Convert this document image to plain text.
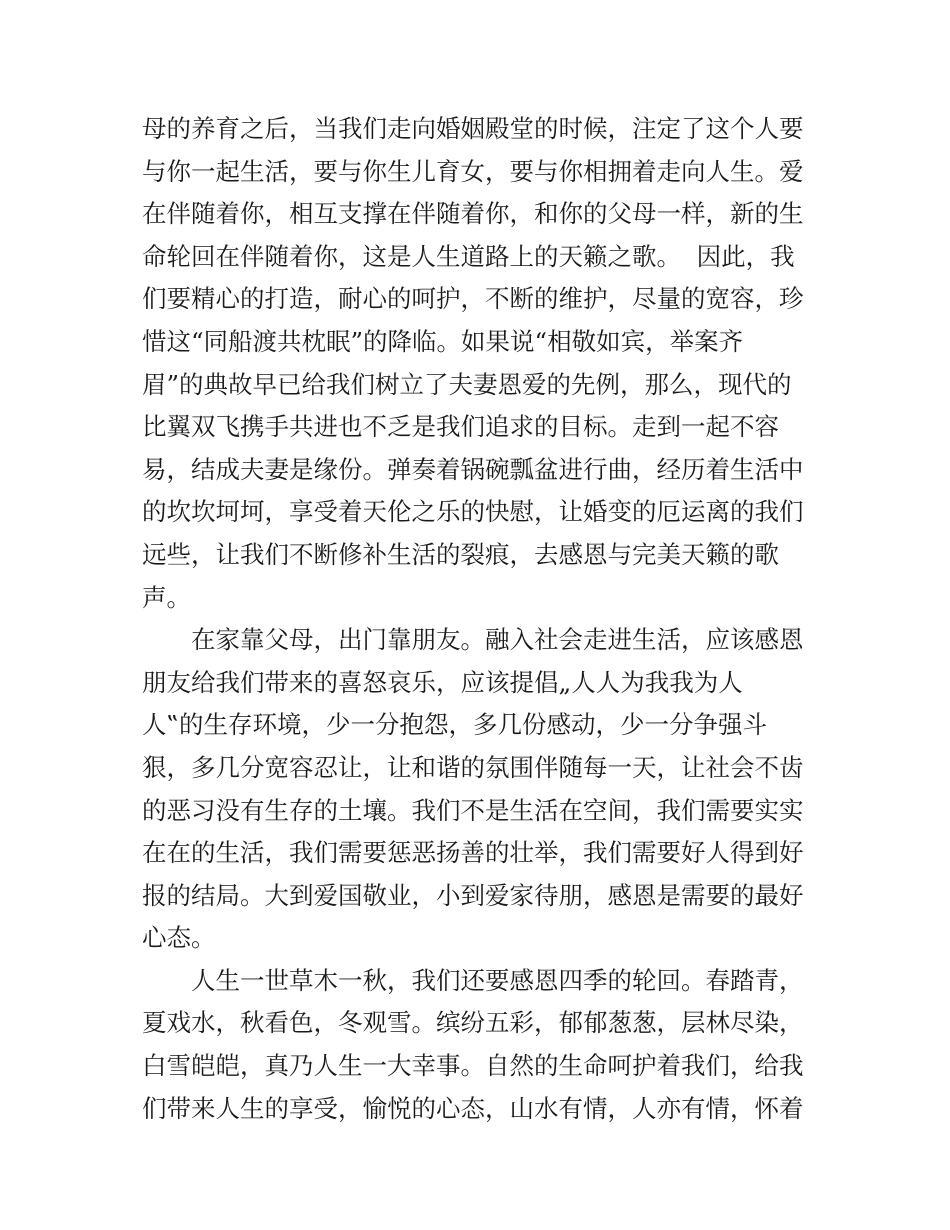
母的养育之后，当我们走向婚姻殿堂的时候，注定了这个人要
与你一起生活，要与你生儿育女，要与你相拥着走向人生。爱
在伴随着你，相互支撑在伴随着你，和你的父母一样，新的生
命轮回在伴随着你，这是人生道路上的天籁之歌。  因此，我
们要精心的打造，耐心的呵护，不断的维护，尽量的宽容，珍
惜这“同船渡共枕眠”的降临。如果说“相敬如宾，举案齐
眉”的典故早已给我们树立了夫妻恩爱的先例，那么，现代的
比翼双飞携手共进也不乏是我们追求的目标。走到一起不容
易，结成夫妻是缘份。弹奏着锅碗瓢盆进行曲，经历着生活中
的坎坎坷坷，享受着天伦之乐的快慰，让婚变的厄运离的我们
远些，让我们不断修补生活的裂痕，去感恩与完美天籁的歌
声。
在家靠父母，出门靠朋友。融入社会走进生活，应该感恩
朋友给我们带来的喜怒哀乐，应该提倡„人人为我我为人
人‟的生存环境，少一分抱怨，多几份感动，少一分争强斗
狠，多几分宽容忍让，让和谐的氛围伴随每一天，让社会不齿
的恶习没有生存的土壤。我们不是生活在空间，我们需要实实
在在的生活，我们需要惩恶扬善的壮举，我们需要好人得到好
报的结局。大到爱国敬业，小到爱家待朋，感恩是需要的最好
心态。
人生一世草木一秋，我们还要感恩四季的轮回。春踏青，
夏戏水，秋看色，冬观雪。缤纷五彩，郁郁葱葱，层林尽染，
白雪皑皑，真乃人生一大幸事。自然的生命呵护着我们，给我
们带来人生的享受，愉悦的心态，山水有情，人亦有情，怀着
